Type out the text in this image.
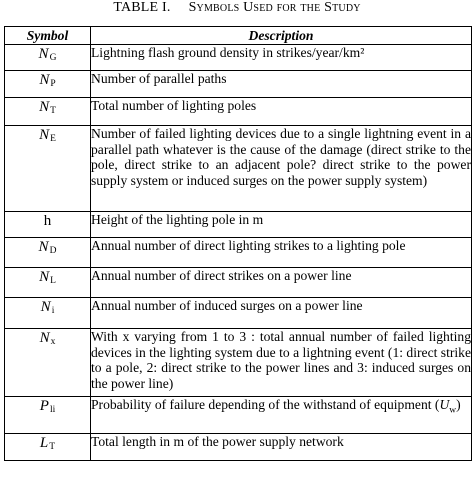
TABLE I. Symbols Used for the Study
Symbol	Description
NG	Lightning flash ground density in strikes/year/km²
NP	Number of parallel paths
NT	Total number of lighting poles
NE	Number of failed lighting devices due to a single lightning event in a parallel path whatever is the cause of the damage (direct strike to the pole, direct strike to an adjacent pole? direct strike to the power supply system or induced surges on the power supply system)
h	Height of the lighting pole in m
ND	Annual number of direct lighting strikes to a lighting pole
NL	Annual number of direct strikes on a power line
Ni	Annual number of induced surges on a power line
Nx	With x varying from 1 to 3 : total annual number of failed lighting devices in the lighting system due to a lightning event (1: direct strike to a pole, 2: direct strike to the power lines and 3: induced surges on the power line)
Pli	Probability of failure depending of the withstand of equipment $(U_w)$
LT	Total length in m of the power supply network
